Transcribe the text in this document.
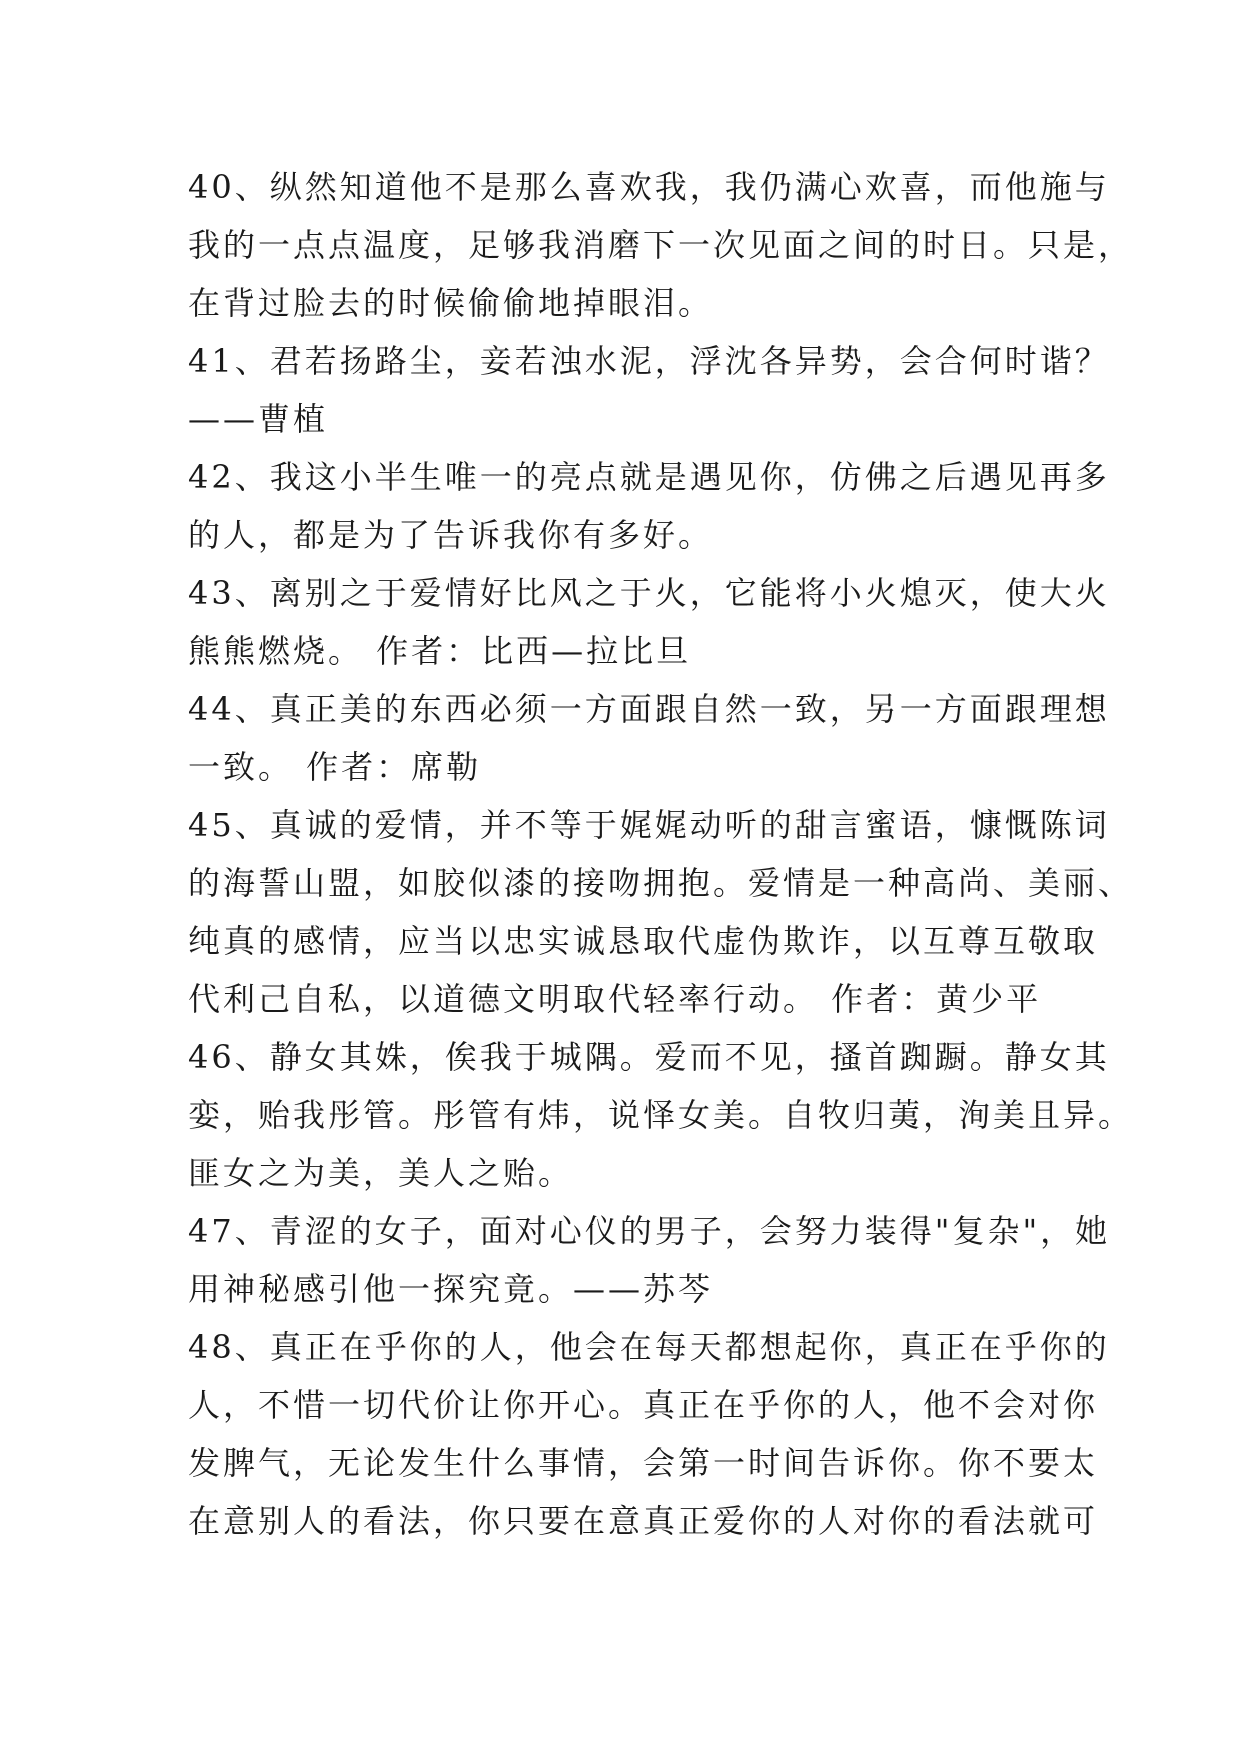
40、纵然知道他不是那么喜欢我，我仍满心欢喜，而他施与
我的一点点温度，足够我消磨下一次见面之间的时日。只是，
在背过脸去的时候偷偷地掉眼泪。
41、君若扬路尘，妾若浊水泥，浮沈各异势，会合何时谐？
——曹植
42、我这小半生唯一的亮点就是遇见你，仿佛之后遇见再多
的人，都是为了告诉我你有多好。
43、离别之于爱情好比风之于火，它能将小火熄灭，使大火
熊熊燃烧。 作者：比西—拉比旦
44、真正美的东西必须一方面跟自然一致，另一方面跟理想
一致。 作者：席勒
45、真诚的爱情，并不等于娓娓动听的甜言蜜语，慷慨陈词
的海誓山盟，如胶似漆的接吻拥抱。爱情是一种高尚、美丽、
纯真的感情，应当以忠实诚恳取代虚伪欺诈，以互尊互敬取
代利己自私，以道德文明取代轻率行动。 作者：黄少平
46、静女其姝，俟我于城隅。爱而不见，搔首踟蹰。静女其
娈，贻我彤管。彤管有炜，说怿女美。自牧归荑，洵美且异。
匪女之为美，美人之贻。
47、青涩的女子，面对心仪的男子，会努力装得"复杂"，她
用神秘感引他一探究竟。——苏芩
48、真正在乎你的人，他会在每天都想起你，真正在乎你的
人，不惜一切代价让你开心。真正在乎你的人，他不会对你
发脾气，无论发生什么事情，会第一时间告诉你。你不要太
在意别人的看法，你只要在意真正爱你的人对你的看法就可
